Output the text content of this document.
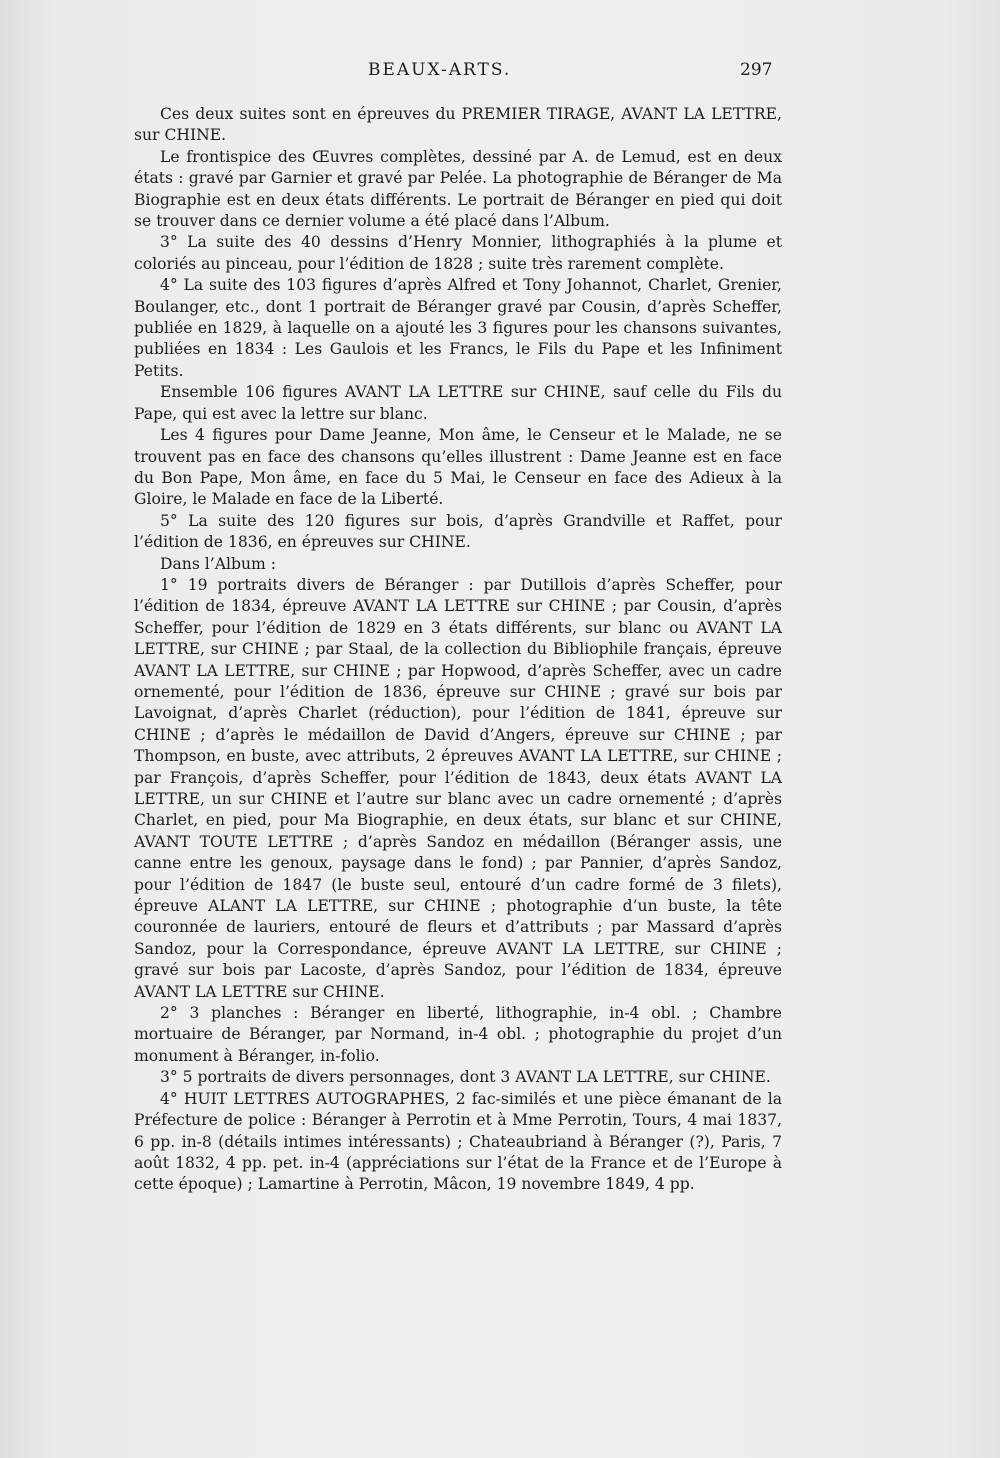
BEAUX-ARTS.	297

Ces deux suites sont en épreuves du PREMIER TIRAGE, AVANT LA LETTRE, sur CHINE.

Le frontispice des Œuvres complètes, dessiné par A. de Lemud, est en deux états : gravé par Garnier et gravé par Pelée. La photographie de Béranger de Ma Biographie est en deux états différents. Le portrait de Béranger en pied qui doit se trouver dans ce dernier volume a été placé dans l’Album.

3° La suite des 40 dessins d’Henry Monnier, lithographiés à la plume et coloriés au pinceau, pour l’édition de 1828 ; suite très rarement complète.

4° La suite des 103 figures d’après Alfred et Tony Johannot, Charlet, Grenier, Boulanger, etc., dont 1 portrait de Béranger gravé par Cousin, d’après Scheffer, publiée en 1829, à laquelle on a ajouté les 3 figures pour les chansons suivantes, publiées en 1834 : Les Gaulois et les Francs, le Fils du Pape et les Infiniment Petits.

Ensemble 106 figures AVANT LA LETTRE sur CHINE, sauf celle du Fils du Pape, qui est avec la lettre sur blanc.

Les 4 figures pour Dame Jeanne, Mon âme, le Censeur et le Malade, ne se trouvent pas en face des chansons qu’elles illustrent : Dame Jeanne est en face du Bon Pape, Mon âme, en face du 5 Mai, le Censeur en face des Adieux à la Gloire, le Malade en face de la Liberté.

5° La suite des 120 figures sur bois, d’après Grandville et Raffet, pour l’édition de 1836, en épreuves sur CHINE.

Dans l’Album :

1° 19 portraits divers de Béranger : par Dutillois d’après Scheffer, pour l’édition de 1834, épreuve AVANT LA LETTRE sur CHINE ; par Cousin, d’après Scheffer, pour l’édition de 1829 en 3 états différents, sur blanc ou AVANT LA LETTRE, sur CHINE ; par Staal, de la collection du Bibliophile français, épreuve AVANT LA LETTRE, sur CHINE ; par Hopwood, d’après Scheffer, avec un cadre ornementé, pour l’édition de 1836, épreuve sur CHINE ; gravé sur bois par Lavoignat, d’après Charlet (réduction), pour l’édition de 1841, épreuve sur CHINE ; d’après le médaillon de David d’Angers, épreuve sur CHINE ; par Thompson, en buste, avec attributs, 2 épreuves AVANT LA LETTRE, sur CHINE ; par François, d’après Scheffer, pour l’édition de 1843, deux états AVANT LA LETTRE, un sur CHINE et l’autre sur blanc avec un cadre ornementé ; d’après Charlet, en pied, pour Ma Biographie, en deux états, sur blanc et sur CHINE, AVANT TOUTE LETTRE ; d’après Sandoz en médaillon (Béranger assis, une canne entre les genoux, paysage dans le fond) ; par Pannier, d’après Sandoz, pour l’édition de 1847 (le buste seul, entouré d’un cadre formé de 3 filets), épreuve ALANT LA LETTRE, sur CHINE ; photographie d’un buste, la tête couronnée de lauriers, entouré de fleurs et d’attributs ; par Massard d’après Sandoz, pour la Correspondance, épreuve AVANT LA LETTRE, sur CHINE ; gravé sur bois par Lacoste, d’après Sandoz, pour l’édition de 1834, épreuve AVANT LA LETTRE sur CHINE.

2° 3 planches : Béranger en liberté, lithographie, in-4 obl. ; Chambre mortuaire de Béranger, par Normand, in-4 obl. ; photographie du projet d’un monument à Béranger, in-folio.

3° 5 portraits de divers personnages, dont 3 AVANT LA LETTRE, sur CHINE.

4° HUIT LETTRES AUTOGRAPHES, 2 fac-similés et une pièce émanant de la Préfecture de police : Béranger à Perrotin et à Mme Perrotin, Tours, 4 mai 1837, 6 pp. in-8 (détails intimes intéressants) ; Chateaubriand à Béranger (?), Paris, 7 août 1832, 4 pp. pet. in-4 (appréciations sur l’état de la France et de l’Europe à cette époque) ; Lamartine à Perrotin, Mâcon, 19 novembre 1849, 4 pp.
